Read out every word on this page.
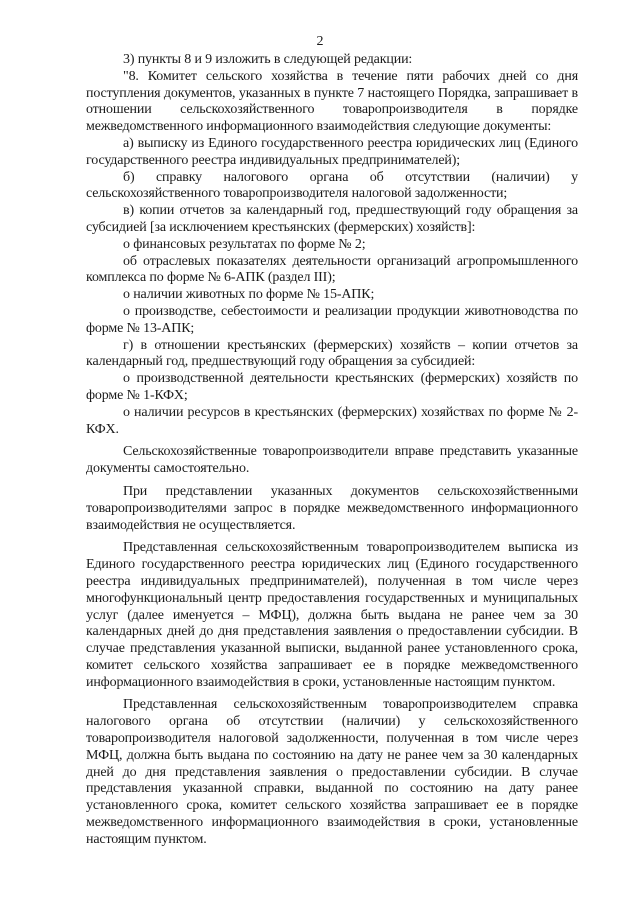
2

3) пункты 8 и 9 изложить в следующей редакции:

"8. Комитет сельского хозяйства в течение пяти рабочих дней со дня поступления документов, указанных в пункте 7 настоящего Порядка, запрашивает в отношении сельскохозяйственного товаропроизводителя в порядке межведомственного информационного взаимодействия следующие документы:

а) выписку из Единого государственного реестра юридических лиц (Единого государственного реестра индивидуальных предпринимателей);

б) справку налогового органа об отсутствии (наличии) у сельскохозяйственного товаропроизводителя налоговой задолженности;

в) копии отчетов за календарный год, предшествующий году обращения за субсидией [за исключением крестьянских (фермерских) хозяйств]:

о финансовых результатах по форме № 2;

об отраслевых показателях деятельности организаций агропромышленного комплекса по форме № 6-АПК (раздел III);

о наличии животных по форме № 15-АПК;

о производстве, себестоимости и реализации продукции животноводства по форме № 13-АПК;

г) в отношении крестьянских (фермерских) хозяйств – копии отчетов за календарный год, предшествующий году обращения за субсидией:

о производственной деятельности крестьянских (фермерских) хозяйств по форме № 1-КФХ;

о наличии ресурсов в крестьянских (фермерских) хозяйствах по форме № 2-КФХ.

Сельскохозяйственные товаропроизводители вправе представить указанные документы самостоятельно.

При представлении указанных документов сельскохозяйственными товаропроизводителями запрос в порядке межведомственного информационного взаимодействия не осуществляется.

Представленная сельскохозяйственным товаропроизводителем выписка из Единого государственного реестра юридических лиц (Единого государственного реестра индивидуальных предпринимателей), полученная в том числе через многофункциональный центр предоставления государственных и муниципальных услуг (далее именуется – МФЦ), должна быть выдана не ранее чем за 30 календарных дней до дня представления заявления о предоставлении субсидии. В случае представления указанной выписки, выданной ранее установленного срока, комитет сельского хозяйства запрашивает ее в порядке межведомственного информационного взаимодействия в сроки, установленные настоящим пунктом.

Представленная сельскохозяйственным товаропроизводителем справка налогового органа об отсутствии (наличии) у сельскохозяйственного товаропроизводителя налоговой задолженности, полученная в том числе через МФЦ, должна быть выдана по состоянию на дату не ранее чем за 30 календарных дней до дня представления заявления о предоставлении субсидии. В случае представления указанной справки, выданной по состоянию на дату ранее установленного срока, комитет сельского хозяйства запрашивает ее в порядке межведомственного информационного взаимодействия в сроки, установленные настоящим пунктом.
